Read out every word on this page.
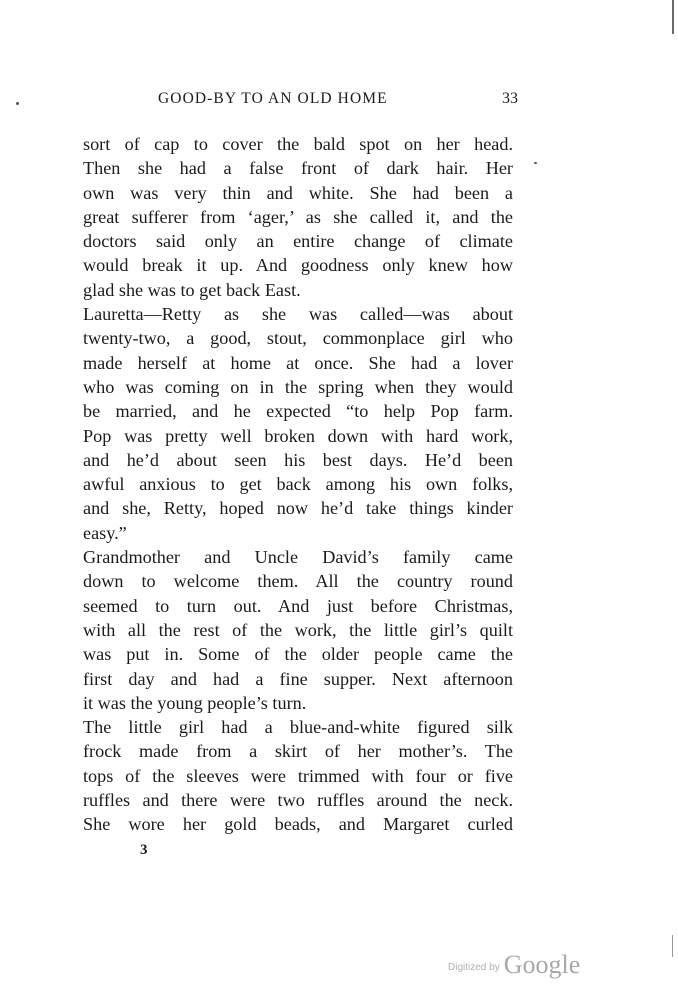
GOOD-BY TO AN OLD HOME	33
sort of cap to cover the bald spot on her head.
Then she had a false front of dark hair. Her
own was very thin and white. She had been a
great sufferer from ‘ager,’ as she called it, and the
doctors said only an entire change of climate
would break it up. And goodness only knew how
glad she was to get back East.
Lauretta—Retty as she was called—was about
twenty-two, a good, stout, commonplace girl who
made herself at home at once. She had a lover
who was coming on in the spring when they would
be married, and he expected “to help Pop farm.
Pop was pretty well broken down with hard work,
and he’d about seen his best days. He’d been
awful anxious to get back among his own folks,
and she, Retty, hoped now he’d take things kinder
easy.”
Grandmother and Uncle David’s family came
down to welcome them. All the country round
seemed to turn out. And just before Christmas,
with all the rest of the work, the little girl’s quilt
was put in. Some of the older people came the
first day and had a fine supper. Next afternoon
it was the young people’s turn.
The little girl had a blue-and-white figured silk
frock made from a skirt of her mother’s. The
tops of the sleeves were trimmed with four or five
ruffles and there were two ruffles around the neck.
She wore her gold beads, and Margaret curled
3
Digitized by Google
